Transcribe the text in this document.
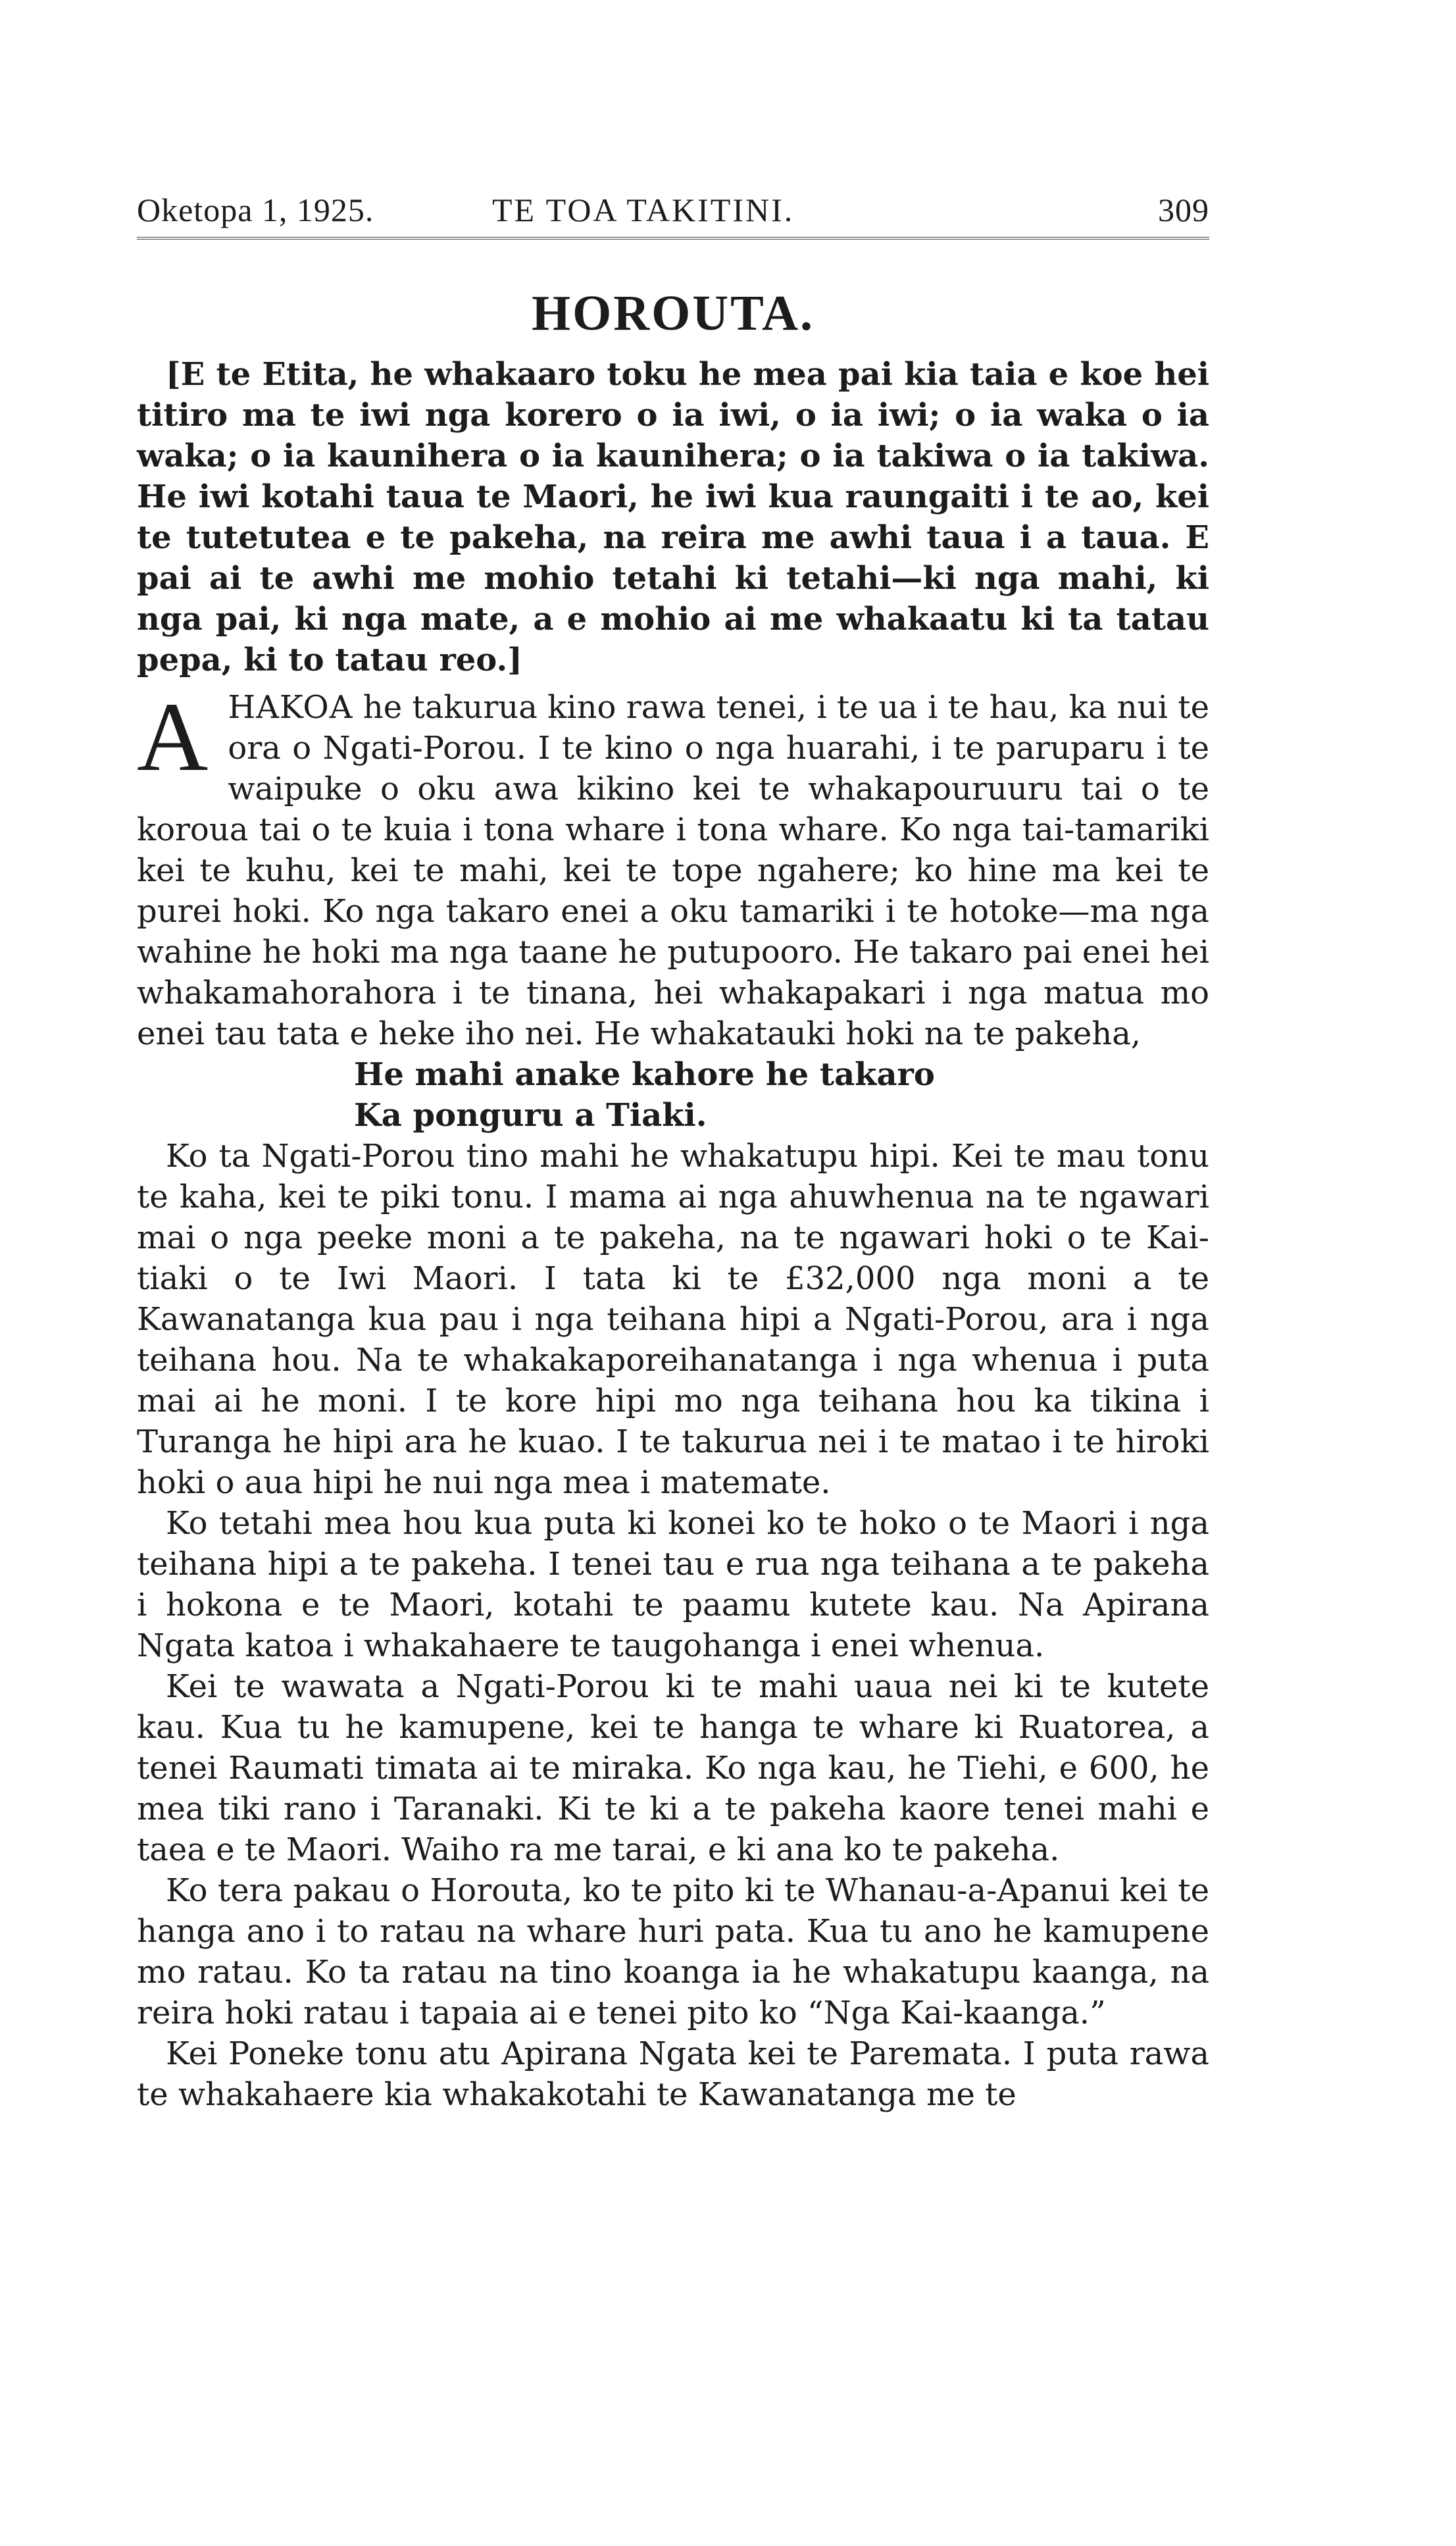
Oketopa 1, 1925.	TE TOA TAKITINI.	309
HOROUTA.

[E te Etita, he whakaaro toku he mea pai kia taia e koe hei titiro ma te iwi nga korero o ia iwi, o ia iwi; o ia waka o ia waka; o ia kaunihera o ia kaunihera; o ia takiwa o ia takiwa. He iwi kotahi taua te Maori, he iwi kua raungaiti i te ao, kei te tutetutea e te pakeha, na reira me awhi taua i a taua. E pai ai te awhi me mohio tetahi ki tetahi—ki nga mahi, ki nga pai, ki nga mate, a e mohio ai me whakaatu ki ta tatau pepa, ki to tatau reo.]

AHAKOA he takurua kino rawa tenei, i te ua i te hau, ka nui te ora o Ngati-Porou. I te kino o nga huarahi, i te paruparu i te waipuke o oku awa kikino kei te whakapouruuru tai o te koroua tai o te kuia i tona whare i tona whare. Ko nga tai-tamariki kei te kuhu, kei te mahi, kei te tope ngahere; ko hine ma kei te purei hoki. Ko nga takaro enei a oku tamariki i te hotoke—ma nga wahine he hoki ma nga taane he putupooro. He takaro pai enei hei whakamahorahora i te tinana, hei whakapakari i nga matua mo enei tau tata e heke iho nei. He whakatauki hoki na te pakeha,

He mahi anake kahore he takaro

Ka ponguru a Tiaki.

Ko ta Ngati-Porou tino mahi he whakatupu hipi. Kei te mau tonu te kaha, kei te piki tonu. I mama ai nga ahuwhenua na te ngawari mai o nga peeke moni a te pakeha, na te ngawari hoki o te Kai-tiaki o te Iwi Maori. I tata ki te £32,000 nga moni a te Kawanatanga kua pau i nga teihana hipi a Ngati-Porou, ara i nga teihana hou. Na te whakakaporeihanatanga i nga whenua i puta mai ai he moni. I te kore hipi mo nga teihana hou ka tikina i Turanga he hipi ara he kuao. I te takurua nei i te matao i te hiroki hoki o aua hipi he nui nga mea i matemate.

Ko tetahi mea hou kua puta ki konei ko te hoko o te Maori i nga teihana hipi a te pakeha. I tenei tau e rua nga teihana a te pakeha i hokona e te Maori, kotahi te paamu kutete kau. Na Apirana Ngata katoa i whakahaere te taugohanga i enei whenua.

Kei te wawata a Ngati-Porou ki te mahi uaua nei ki te kutete kau. Kua tu he kamupene, kei te hanga te whare ki Ruatorea, a tenei Raumati timata ai te miraka. Ko nga kau, he Tiehi, e 600, he mea tiki rano i Taranaki. Ki te ki a te pakeha kaore tenei mahi e taea e te Maori. Waiho ra me tarai, e ki ana ko te pakeha.

Ko tera pakau o Horouta, ko te pito ki te Whanau-a-Apanui kei te hanga ano i to ratau na whare huri pata. Kua tu ano he kamupene mo ratau. Ko ta ratau na tino koanga ia he whakatupu kaanga, na reira hoki ratau i tapaia ai e tenei pito ko “Nga Kai-kaanga.”

Kei Poneke tonu atu Apirana Ngata kei te Paremata. I puta rawa te whakahaere kia whakakotahi te Kawanatanga me te
